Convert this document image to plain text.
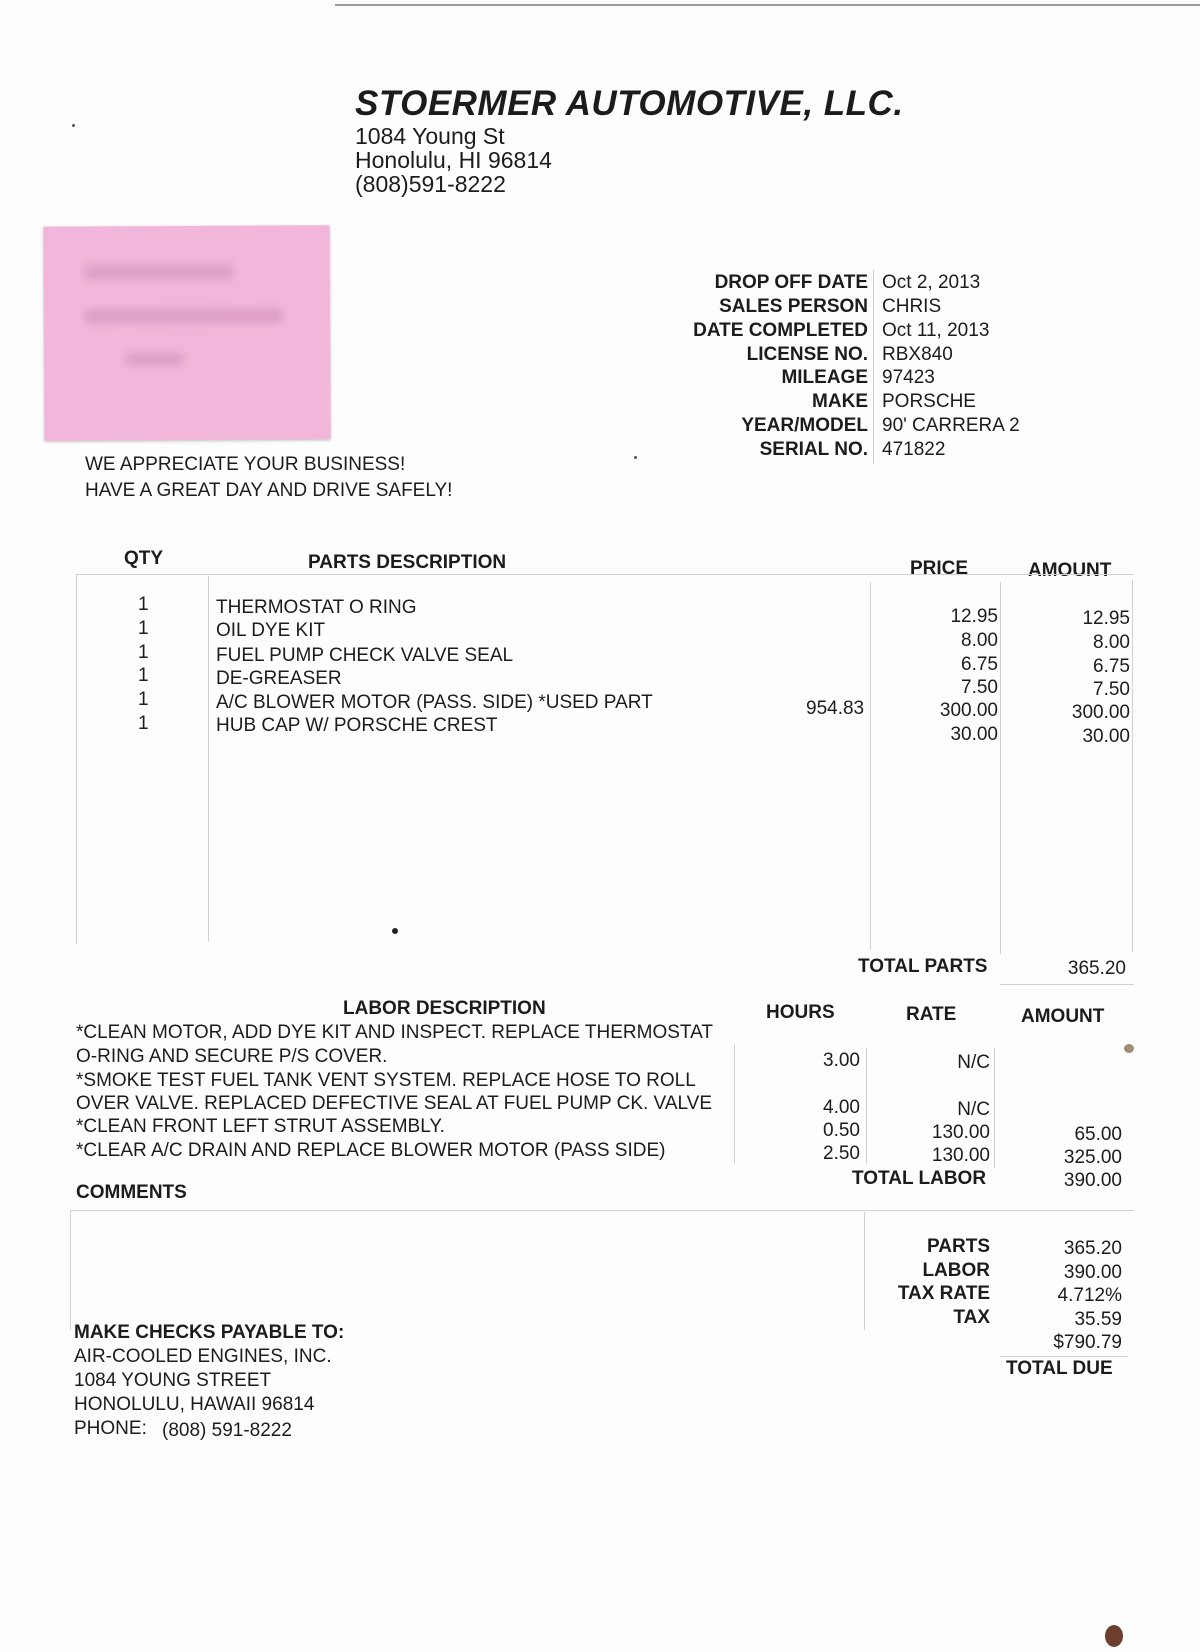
STOERMER AUTOMOTIVE, LLC.
1084 Young St
Honolulu, HI 96814
(808)591-8222
WE APPRECIATE YOUR BUSINESS!
HAVE A GREAT DAY AND DRIVE SAFELY!
DROP OFF DATE Oct 2, 2013
SALES PERSON CHRIS
DATE COMPLETED Oct 11, 2013
LICENSE NO. RBX840
MILEAGE 97423
MAKE PORSCHE
YEAR/MODEL 90' CARRERA 2
SERIAL NO. 471822
QTY	PARTS DESCRIPTION	PRICE	AMOUNT
1	THERMOSTAT O RING	12.95	12.95
1	OIL DYE KIT	8.00	8.00
1	FUEL PUMP CHECK VALVE SEAL	6.75	6.75
1	DE-GREASER	7.50	7.50
1	A/C BLOWER MOTOR (PASS. SIDE) *USED PART	300.00	300.00
1	HUB CAP W/ PORSCHE CREST	30.00	30.00
954.83
TOTAL PARTS	365.20
LABOR DESCRIPTION	HOURS	RATE	AMOUNT
*CLEAN MOTOR, ADD DYE KIT AND INSPECT. REPLACE THERMOSTAT
O-RING AND SECURE P/S COVER.
*SMOKE TEST FUEL TANK VENT SYSTEM. REPLACE HOSE TO ROLL
OVER VALVE. REPLACED DEFECTIVE SEAL AT FUEL PUMP CK. VALVE
*CLEAN FRONT LEFT STRUT ASSEMBLY.
*CLEAR A/C DRAIN AND REPLACE BLOWER MOTOR (PASS SIDE)
3.00	N/C
4.00	N/C
0.50	130.00	65.00
2.50	130.00	325.00
TOTAL LABOR	390.00
COMMENTS
PARTS	365.20
LABOR	390.00
TAX RATE	4.712%
TAX	35.59
$790.79
TOTAL DUE
MAKE CHECKS PAYABLE TO:
AIR-COOLED ENGINES, INC.
1084 YOUNG STREET
HONOLULU, HAWAII 96814
PHONE: (808) 591-8222
